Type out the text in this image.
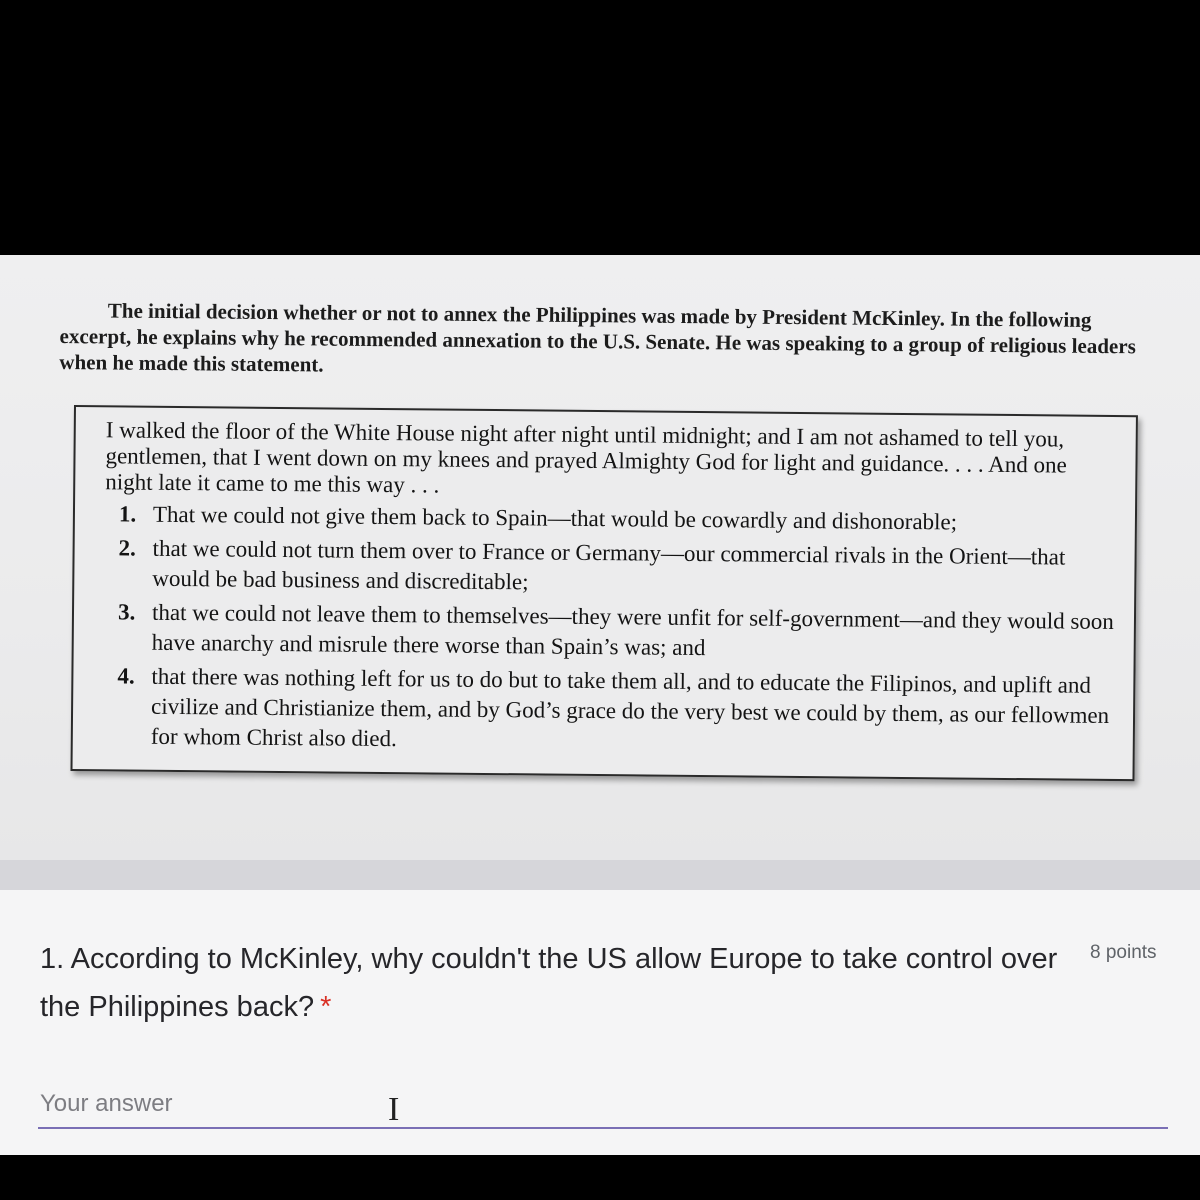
The initial decision whether or not to annex the Philippines was made by President McKinley. In the following excerpt, he explains why he recommended annexation to the U.S. Senate. He was speaking to a group of religious leaders when he made this statement.

I walked the floor of the White House night after night until midnight; and I am not ashamed to tell you, gentlemen, that I went down on my knees and prayed Almighty God for light and guidance. . . . And one night late it came to me this way . . .

1. That we could not give them back to Spain—that would be cowardly and dishonorable;
2. that we could not turn them over to France or Germany—our commercial rivals in the Orient—that would be bad business and discreditable;
3. that we could not leave them to themselves—they were unfit for self-government—and they would soon have anarchy and misrule there worse than Spain’s was; and
4. that there was nothing left for us to do but to take them all, and to educate the Filipinos, and uplift and civilize and Christianize them, and by God’s grace do the very best we could by them, as our fellowmen for whom Christ also died.

1. According to McKinley, why couldn't the US allow Europe to take control over the Philippines back? *

8 points
Your answer
I
